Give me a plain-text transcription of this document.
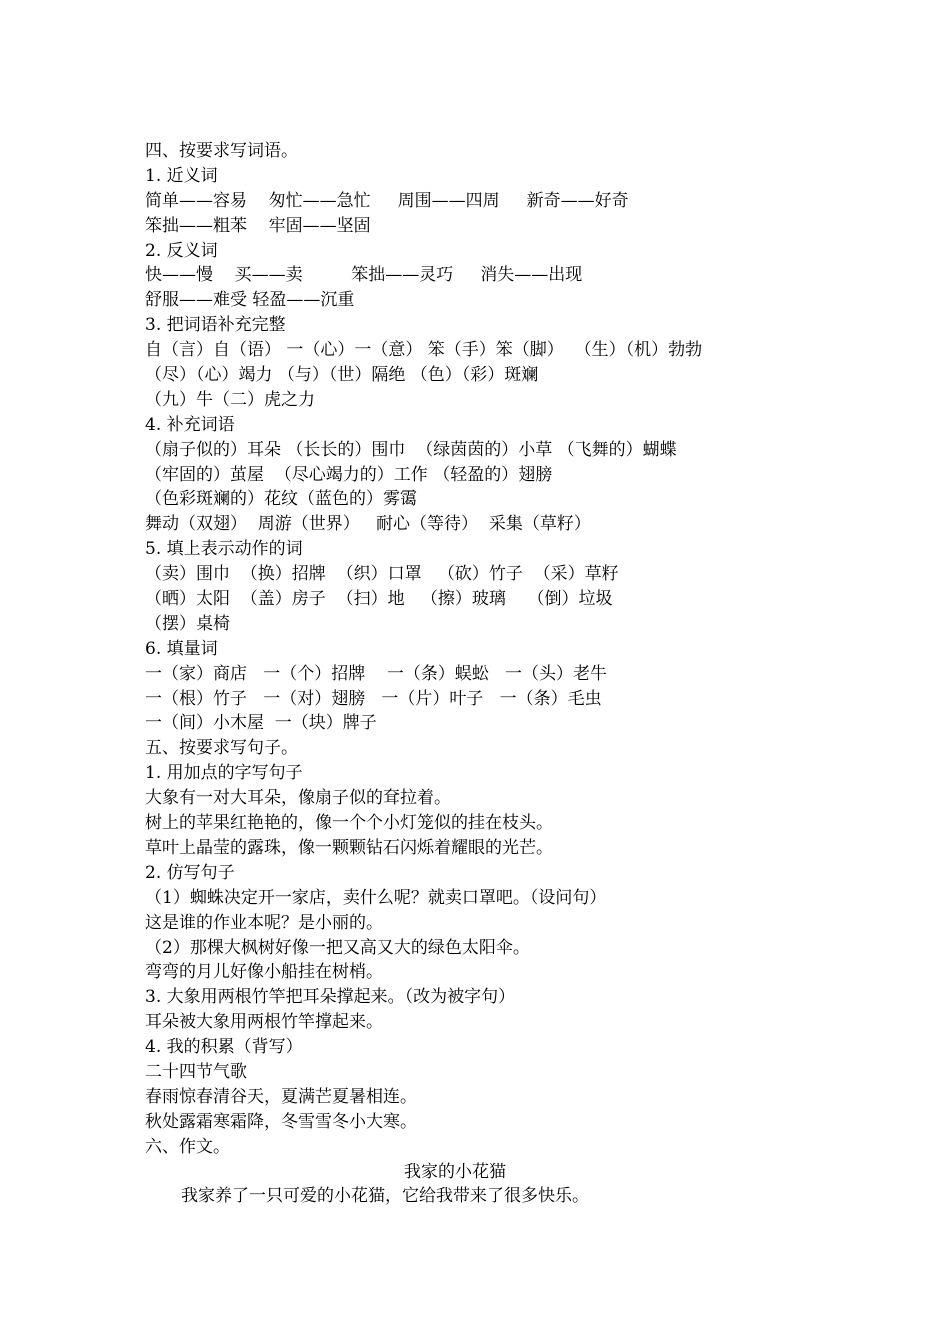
四、按要求写词语。

1. 近义词

简单——容易    匆忙——急忙     周围——四周     新奇——好奇

笨拙——粗苯    牢固——坚固

2. 反义词

快——慢    买——卖         笨拙——灵巧     消失——出现

舒服——难受 轻盈——沉重

3. 把词语补充完整

自（言）自（语） 一（心）一（意） 笨（手）笨（脚）  （生）（机）勃勃

（尽）（心）竭力 （与）（世）隔绝 （色）（彩）斑斓

（九）牛（二）虎之力

4. 补充词语

（扇子似的）耳朵 （长长的）围巾  （绿茵茵的）小草 （飞舞的）蝴蝶

（牢固的）茧屋  （尽心竭力的）工作 （轻盈的）翅膀

（色彩斑斓的）花纹（蓝色的）雾霭

舞动（双翅）  周游（世界）   耐心（等待）  采集（草籽）

5. 填上表示动作的词

（卖）围巾  （换）招牌  （织）口罩   （砍）竹子  （采）草籽

（晒）太阳  （盖）房子  （扫）地   （擦）玻璃    （倒）垃圾

（摆）桌椅

6. 填量词

一（家）商店   一（个）招牌    一（条）蜈蚣   一（头）老牛

一（根）竹子   一（对）翅膀   一（片）叶子   一（条）毛虫

一（间）小木屋  一（块）牌子

五、按要求写句子。

1. 用加点的字写句子

大象有一对大耳朵，像扇子似的耷拉着。

树上的苹果红艳艳的，像一个个小灯笼似的挂在枝头。

草叶上晶莹的露珠，像一颗颗钻石闪烁着耀眼的光芒。

2. 仿写句子

（1）蜘蛛决定开一家店，卖什么呢？就卖口罩吧。（设问句）

这是谁的作业本呢？是小丽的。

（2）那棵大枫树好像一把又高又大的绿色太阳伞。

弯弯的月儿好像小船挂在树梢。

3. 大象用两根竹竿把耳朵撑起来。（改为被字句）

耳朵被大象用两根竹竿撑起来。

4. 我的积累（背写）

二十四节气歌

春雨惊春清谷天，夏满芒夏暑相连。

秋处露霜寒霜降，冬雪雪冬小大寒。

六、作文。

我家的小花猫

我家养了一只可爱的小花猫，它给我带来了很多快乐。
